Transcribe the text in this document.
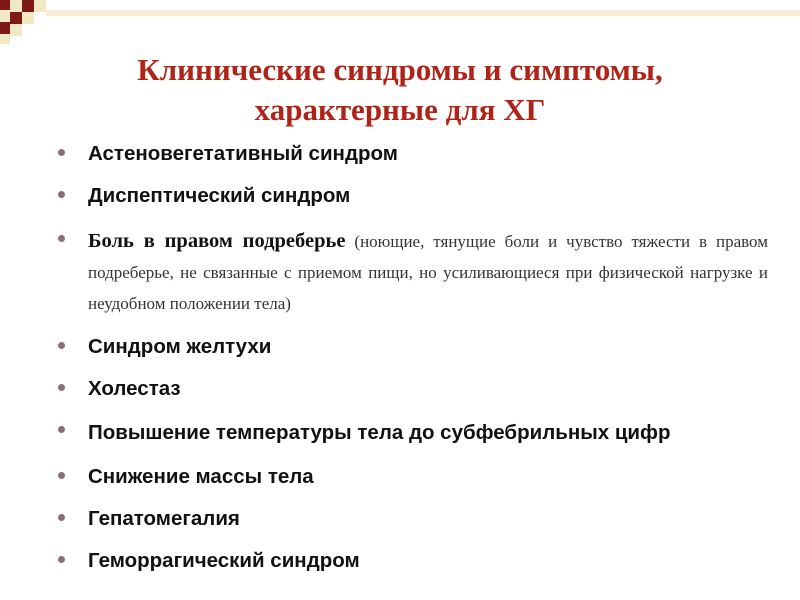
Клинические синдромы и симптомы,
характерные для ХГ
Астеновегетативный синдром
Диспептический синдром
Боль в правом подреберье (ноющие, тянущие боли и чувство тяжести в правом подреберье, не связанные с приемом пищи, но усиливающиеся при физической нагрузке и неудобном положении тела)
Синдром желтухи
Холестаз
Повышение температуры тела до субфебрильных цифр
Снижение массы тела
Гепатомегалия
Геморрагический синдром
